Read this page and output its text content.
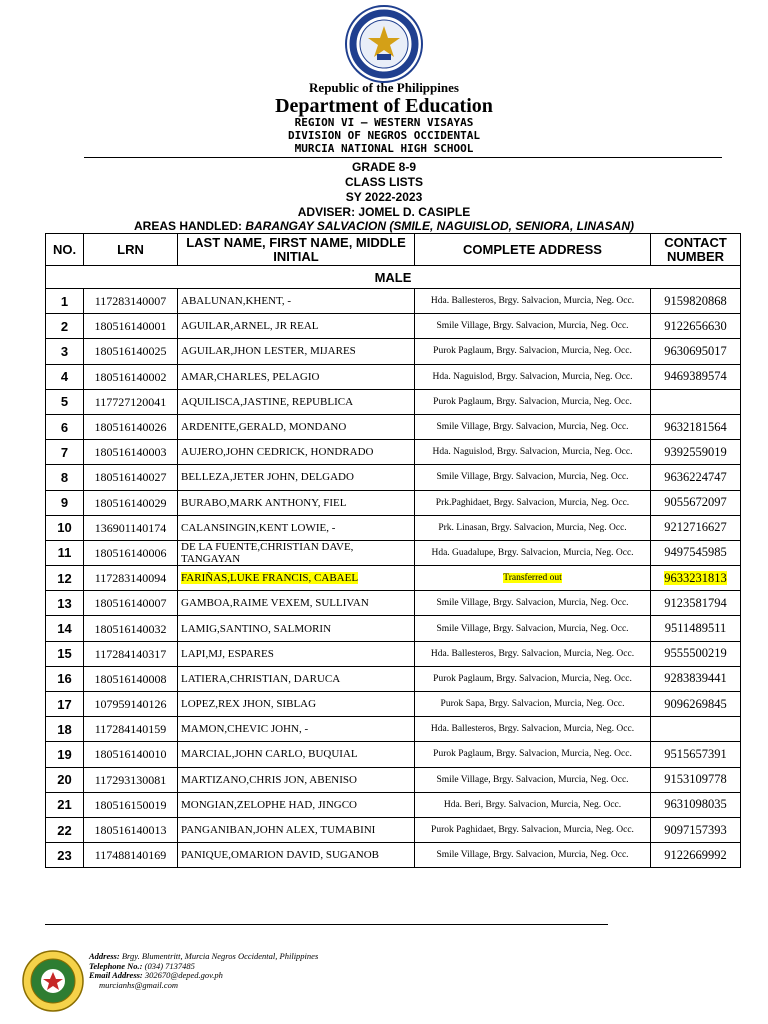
Republic of the Philippines
Department of Education
REGION VI – WESTERN VISAYAS
DIVISION OF NEGROS OCCIDENTAL
MURCIA NATIONAL HIGH SCHOOL
GRADE 8-9
CLASS LISTS
SY 2022-2023
ADVISER: JOMEL D. CASIPLE
AREAS HANDLED: BARANGAY SALVACION (SMILE, NAGUISLOD, SENIORA, LINASAN)
NO.	LRN	LAST NAME, FIRST NAME, MIDDLE INITIAL	COMPLETE ADDRESS	CONTACT NUMBER
MALE				
1	117283140007	ABALUNAN,KHENT, -	Hda. Ballesteros, Brgy. Salvacion, Murcia, Neg. Occ.	9159820868
2	180516140001	AGUILAR,ARNEL, JR REAL	Smile Village, Brgy. Salvacion, Murcia, Neg. Occ.	9122656630
3	180516140025	AGUILAR,JHON LESTER, MIJARES	Purok Paglaum, Brgy. Salvacion, Murcia, Neg. Occ.	9630695017
4	180516140002	AMAR,CHARLES, PELAGIO	Hda. Naguislod, Brgy. Salvacion, Murcia, Neg. Occ.	9469389574
5	117727120041	AQUILISCA,JASTINE, REPUBLICA	Purok Paglaum, Brgy. Salvacion, Murcia, Neg. Occ.	
6	180516140026	ARDENITE,GERALD, MONDANO	Smile Village, Brgy. Salvacion, Murcia, Neg. Occ.	9632181564
7	180516140003	AUJERO,JOHN CEDRICK, HONDRADO	Hda. Naguislod, Brgy. Salvacion, Murcia, Neg. Occ.	9392559019
8	180516140027	BELLEZA,JETER JOHN, DELGADO	Smile Village, Brgy. Salvacion, Murcia, Neg. Occ.	9636224747
9	180516140029	BURABO,MARK ANTHONY, FIEL	Prk.Paghidaet, Brgy. Salvacion, Murcia, Neg. Occ.	9055672097
10	136901140174	CALANSINGIN,KENT LOWIE, -	Prk. Linasan, Brgy. Salvacion, Murcia, Neg. Occ.	9212716627
11	180516140006	DE LA FUENTE,CHRISTIAN DAVE, TANGAYAN	Hda. Guadalupe, Brgy. Salvacion, Murcia, Neg. Occ.	9497545985
12	117283140094	FARIÑAS,LUKE FRANCIS, CABAEL	Transferred out	9633231813
13	180516140007	GAMBOA,RAIME VEXEM, SULLIVAN	Smile Village, Brgy. Salvacion, Murcia, Neg. Occ.	9123581794
14	180516140032	LAMIG,SANTINO, SALMORIN	Smile Village, Brgy. Salvacion, Murcia, Neg. Occ.	9511489511
15	117284140317	LAPI,MJ, ESPARES	Hda. Ballesteros, Brgy. Salvacion, Murcia, Neg. Occ.	9555500219
16	180516140008	LATIERA,CHRISTIAN, DARUCA	Purok Paglaum, Brgy. Salvacion, Murcia, Neg. Occ.	9283839441
17	107959140126	LOPEZ,REX JHON, SIBLAG	Purok Sapa, Brgy. Salvacion, Murcia, Neg. Occ.	9096269845
18	117284140159	MAMON,CHEVIC JOHN, -	Hda. Ballesteros, Brgy. Salvacion, Murcia, Neg. Occ.	
19	180516140010	MARCIAL,JOHN CARLO, BUQUIAL	Purok Paglaum, Brgy. Salvacion, Murcia, Neg. Occ.	9515657391
20	117293130081	MARTIZANO,CHRIS JON, ABENISO	Smile Village, Brgy. Salvacion, Murcia, Neg. Occ.	9153109778
21	180516150019	MONGIAN,ZELOPHE HAD, JINGCO	Hda. Beri, Brgy. Salvacion, Murcia, Neg. Occ.	9631098035
22	180516140013	PANGANIBAN,JOHN ALEX, TUMABINI	Purok Paghidaet, Brgy. Salvacion, Murcia, Neg. Occ.	9097157393
23	117488140169	PANIQUE,OMARION DAVID, SUGANOB	Smile Village, Brgy. Salvacion, Murcia, Neg. Occ.	9122669992
Address: Brgy. Blumentritt, Murcia Negros Occidental, Philippines
Telephone No.: (034) 7137485
Email Address: 302670@deped.gov.ph
murcianhs@gmail.com
